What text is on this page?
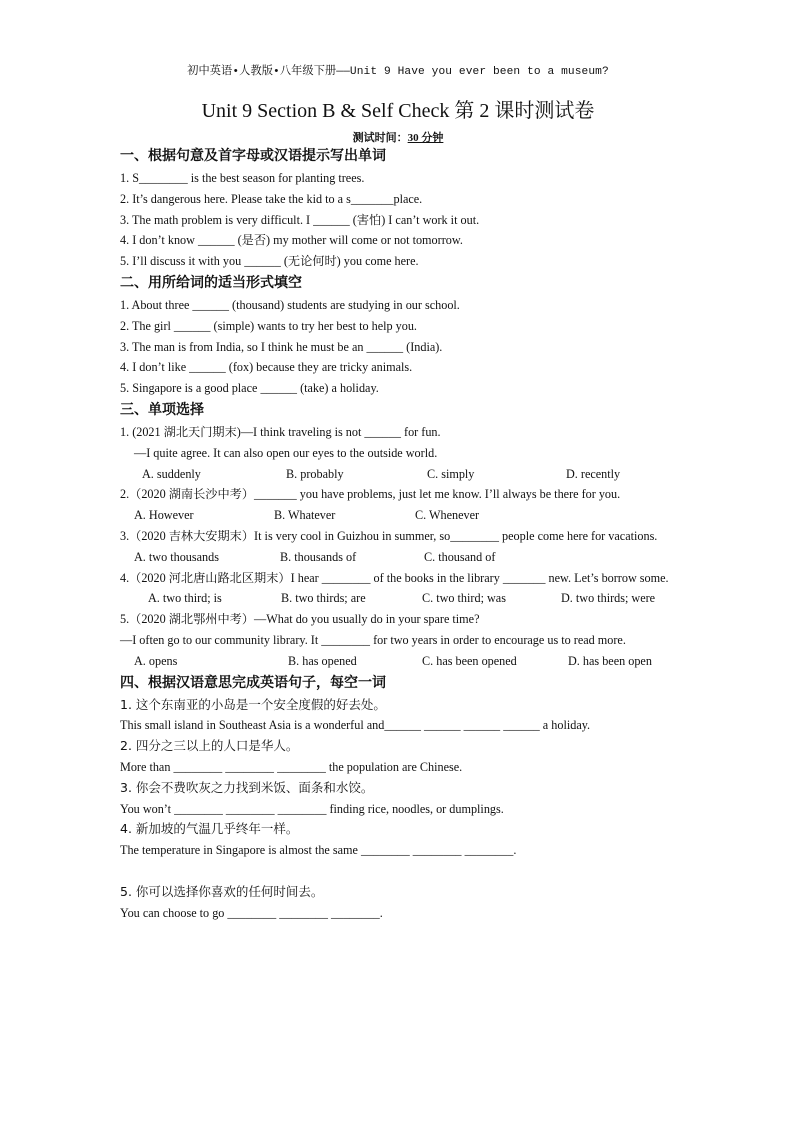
初中英语•人教版•八年级下册——Unit 9 Have you ever been to a museum?
Unit 9 Section B & Self Check 第 2 课时测试卷
测试时间：30 分钟
一、根据句意及首字母或汉语提示写出单词
1. S________ is the best season for planting trees.
2. It’s dangerous here. Please take the kid to a s_______place.
3. The math problem is very difficult. I ______ (害怕) I can’t work it out.
4. I don’t know ______ (是否) my mother will come or not tomorrow.
5. I’ll discuss it with you ______ (无论何时) you come here.
二、用所给词的适当形式填空
1. About three ______ (thousand) students are studying in our school.
2. The girl ______ (simple) wants to try her best to help you.
3. The man is from India, so I think he must be an ______ (India).
4. I don’t like ______ (fox) because they are tricky animals.
5. Singapore is a good place ______ (take) a holiday.
三、单项选择
1. (2021 湖北天门期末)—I think traveling is not ______ for fun.
—I quite agree. It can also open our eyes to the outside world.
A. suddenly	B. probably	C. simply	D. recently
2.（2020 湖南长沙中考）_______ you have problems, just let me know. I’ll always be there for you.
A. However	B. Whatever	C. Whenever
3.（2020 吉林大安期末）It is very cool in Guizhou in summer, so________ people come here for vacations.
A. two thousands	B. thousands of	C. thousand of
4.（2020 河北唐山路北区期末）I hear ________ of the books in the library _______ new. Let’s borrow some.
A. two third; is	B. two thirds; are	C. two third; was	D. two thirds; were
5.（2020 湖北鄂州中考）—What do you usually do in your spare time?
—I often go to our community library. It ________ for two years in order to encourage us to read more.
A. opens	B. has opened	C. has been opened	D. has been open
四、根据汉语意思完成英语句子，每空一词
1. 这个东南亚的小岛是一个安全度假的好去处。
This small island in Southeast Asia is a wonderful and______ ______ ______ ______ a holiday.
2. 四分之三以上的人口是华人。
More than ________ ________ ________ the population are Chinese.
3. 你会不费吹灰之力找到米饭、面条和水饺。
You won’t ________ ________ ________ finding rice, noodles, or dumplings.
4. 新加坡的气温几乎终年一样。
The temperature in Singapore is almost the same ________ ________ ________.
5. 你可以选择你喜欢的任何时间去。
You can choose to go ________ ________ ________.
